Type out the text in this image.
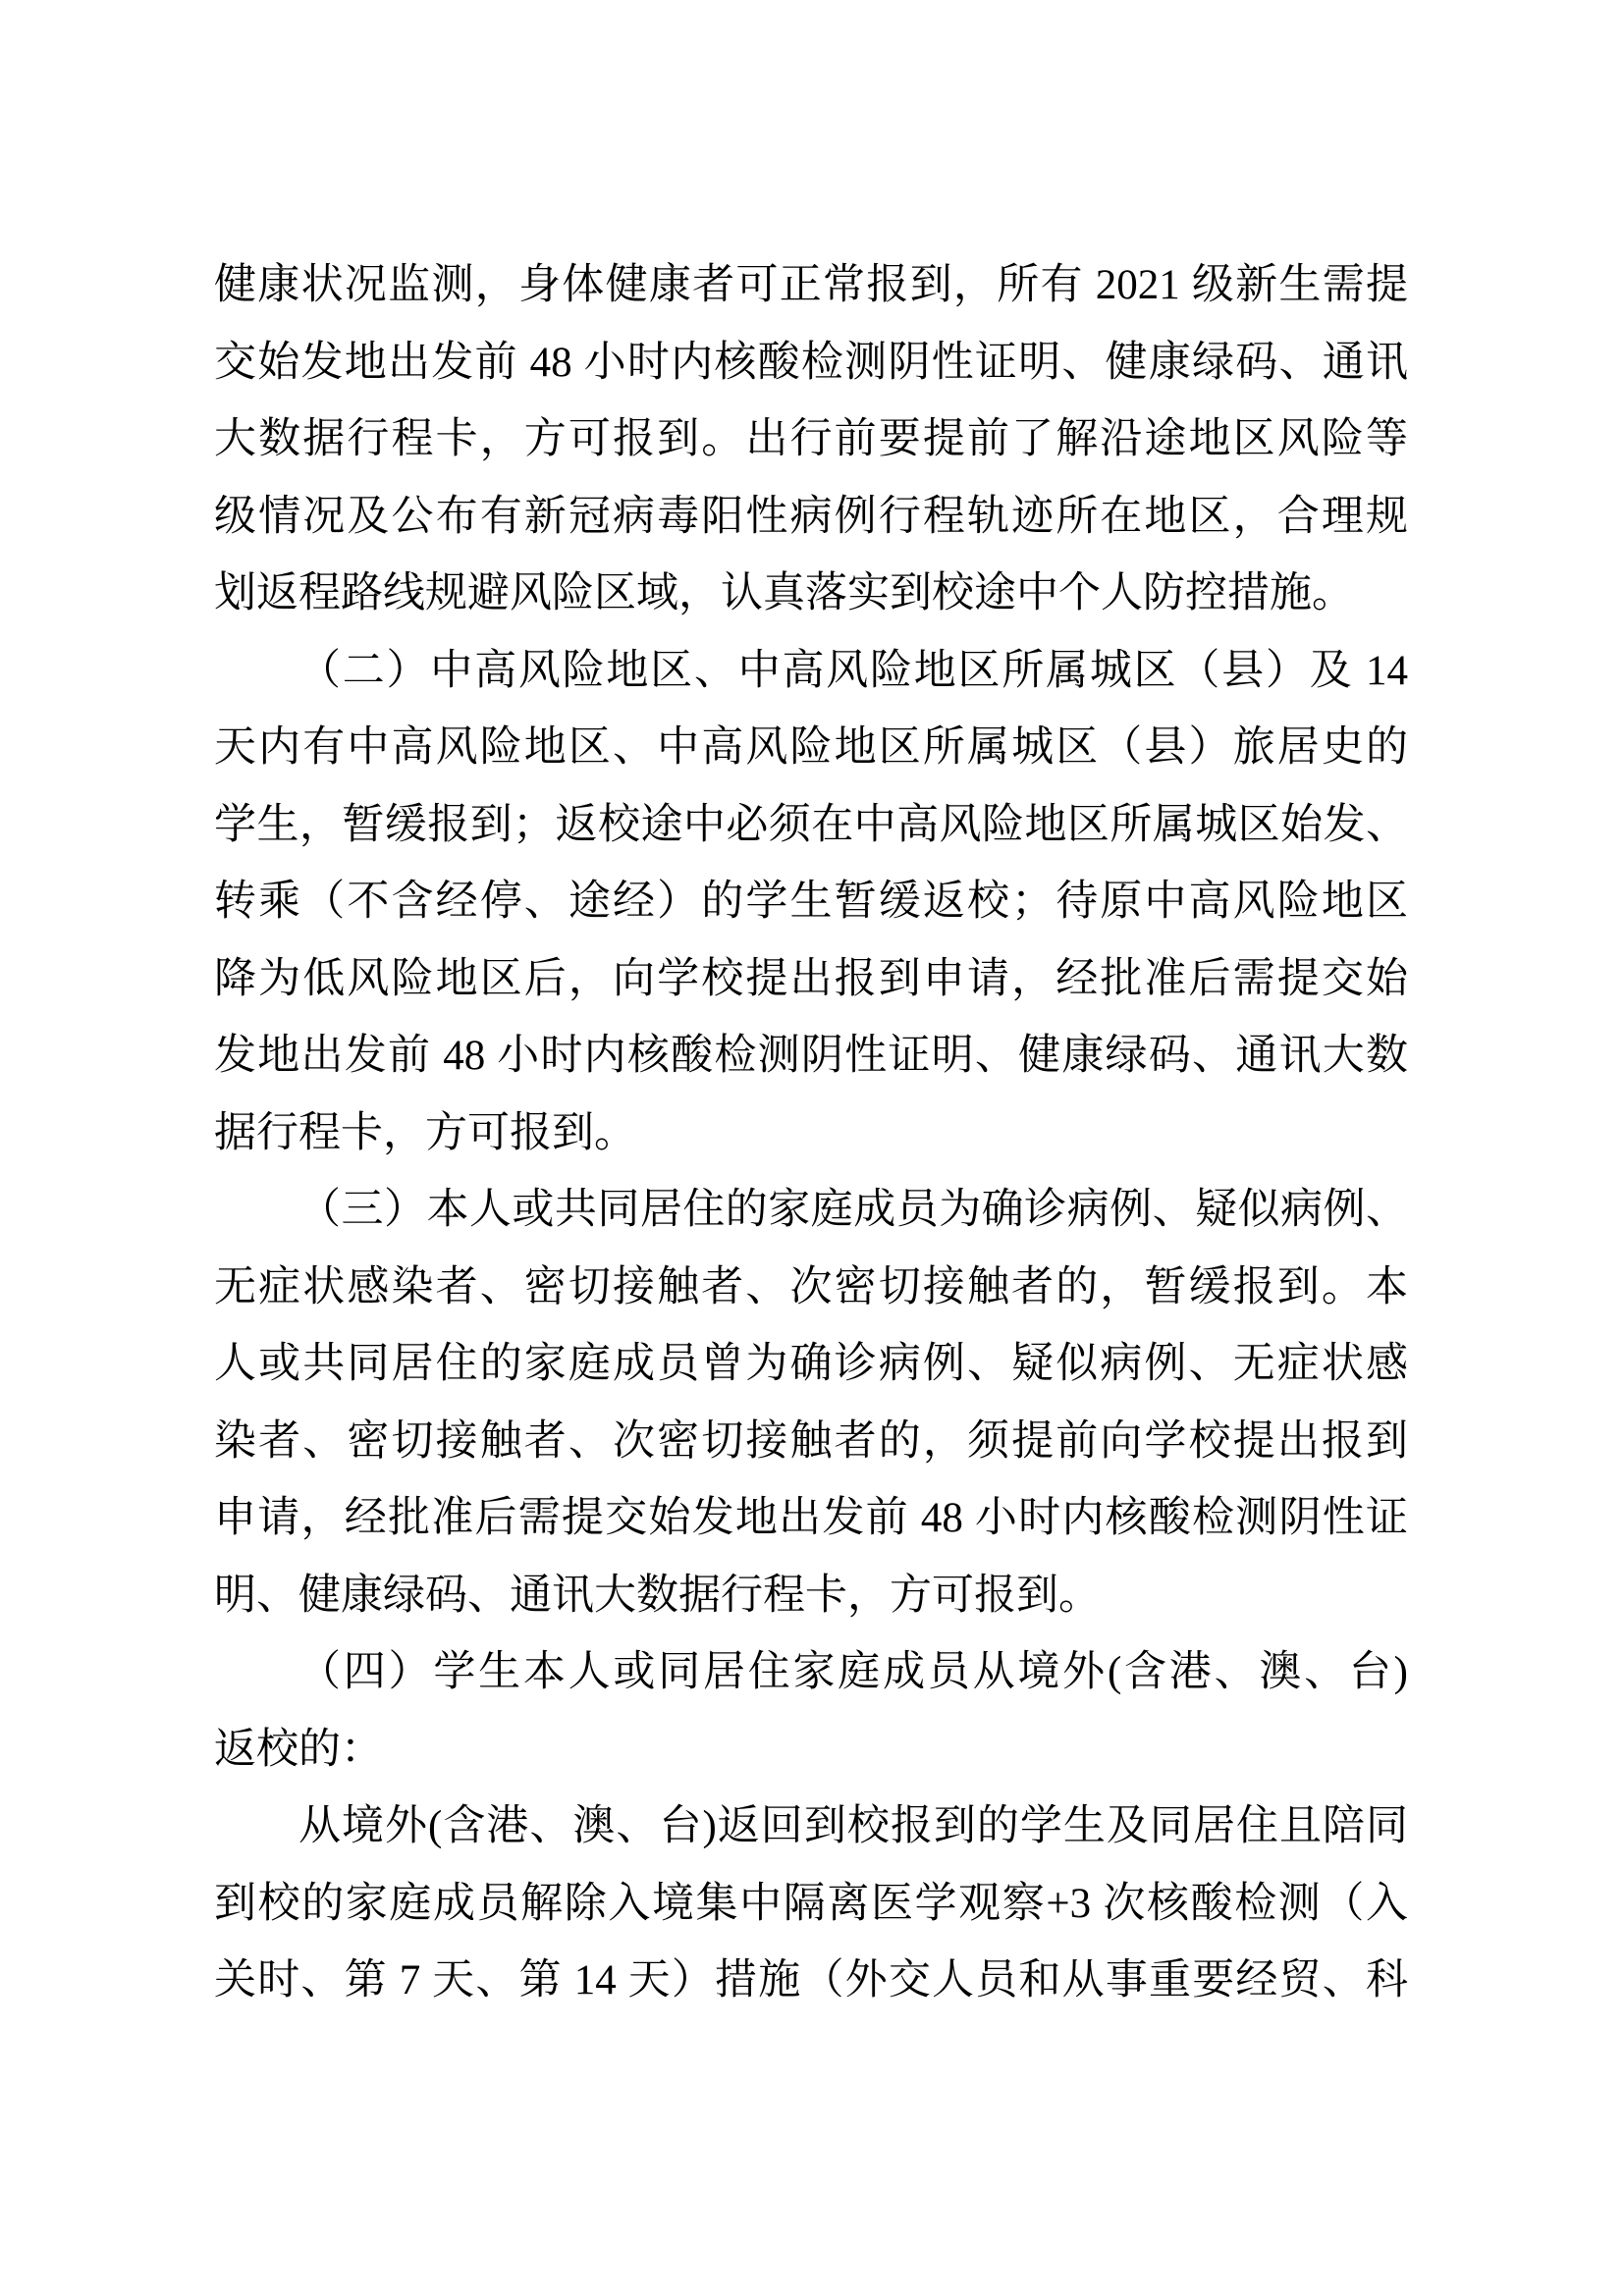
健康状况监测，身体健康者可正常报到，所有 2021 级新生需提
交始发地出发前 48 小时内核酸检测阴性证明、健康绿码、通讯
大数据行程卡，方可报到。出行前要提前了解沿途地区风险等
级情况及公布有新冠病毒阳性病例行程轨迹所在地区，合理规
划返程路线规避风险区域，认真落实到校途中个人防控措施。
（二）中高风险地区、中高风险地区所属城区（县）及 14
天内有中高风险地区、中高风险地区所属城区（县）旅居史的
学生，暂缓报到；返校途中必须在中高风险地区所属城区始发、
转乘（不含经停、途经）的学生暂缓返校；待原中高风险地区
降为低风险地区后，向学校提出报到申请，经批准后需提交始
发地出发前 48 小时内核酸检测阴性证明、健康绿码、通讯大数
据行程卡，方可报到。
（三）本人或共同居住的家庭成员为确诊病例、疑似病例、
无症状感染者、密切接触者、次密切接触者的，暂缓报到。本
人或共同居住的家庭成员曾为确诊病例、疑似病例、无症状感
染者、密切接触者、次密切接触者的，须提前向学校提出报到
申请，经批准后需提交始发地出发前 48 小时内核酸检测阴性证
明、健康绿码、通讯大数据行程卡，方可报到。
（四）学生本人或同居住家庭成员从境外(含港、澳、台)
返校的：
从境外(含港、澳、台)返回到校报到的学生及同居住且陪同
到校的家庭成员解除入境集中隔离医学观察+3 次核酸检测（入
关时、第 7 天、第 14 天）措施（外交人员和从事重要经贸、科
